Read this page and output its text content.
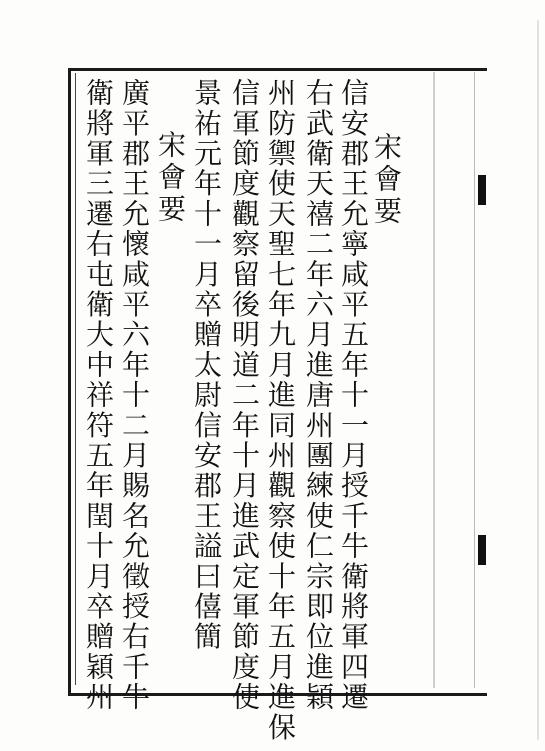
宋會要
信安郡王允寧咸平五年十一月授千牛衛將軍四遷
右武衛天禧二年六月進唐州團練使仁宗即位進穎
州防禦使天聖七年九月進同州觀察使十年五月進保
信軍節度觀察留後明道二年十月進武定軍節度使
景祐元年十一月卒贈太尉信安郡王謚曰僖簡
宋會要
廣平郡王允懷咸平六年十二月賜名允徵授右千牛
衛將軍三遷右屯衛大中祥符五年閏十月卒贈穎州
